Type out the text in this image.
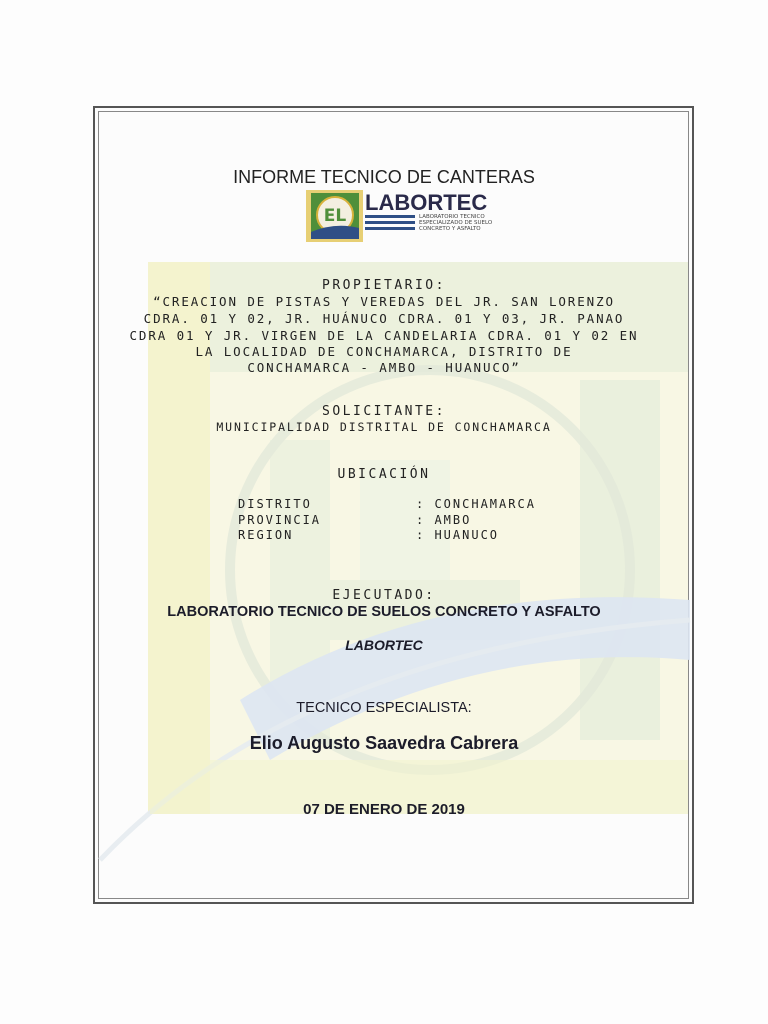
INFORME TECNICO DE CANTERAS
EL
LABORTEC
LABORATORIO TECNICO
ESPECIALIZADO DE SUELO
CONCRETO Y ASFALTO
PROPIETARIO:
“CREACION DE PISTAS Y VEREDAS DEL JR. SAN LORENZO
CDRA. 01 Y 02, JR. HUÁNUCO CDRA. 01 Y 03, JR. PANAO
CDRA 01 Y JR. VIRGEN DE LA CANDELARIA CDRA. 01 Y 02 EN
LA LOCALIDAD DE CONCHAMARCA, DISTRITO DE
CONCHAMARCA - AMBO - HUANUCO”
SOLICITANTE:
MUNICIPALIDAD DISTRITAL DE CONCHAMARCA
UBICACIÓN
DISTRITO	: CONCHAMARCA
PROVINCIA	: AMBO
REGION	: HUANUCO
EJECUTADO:
LABORATORIO TECNICO DE SUELOS CONCRETO Y ASFALTO
LABORTEC
TECNICO ESPECIALISTA:
Elio Augusto Saavedra Cabrera
07 DE ENERO DE 2019
